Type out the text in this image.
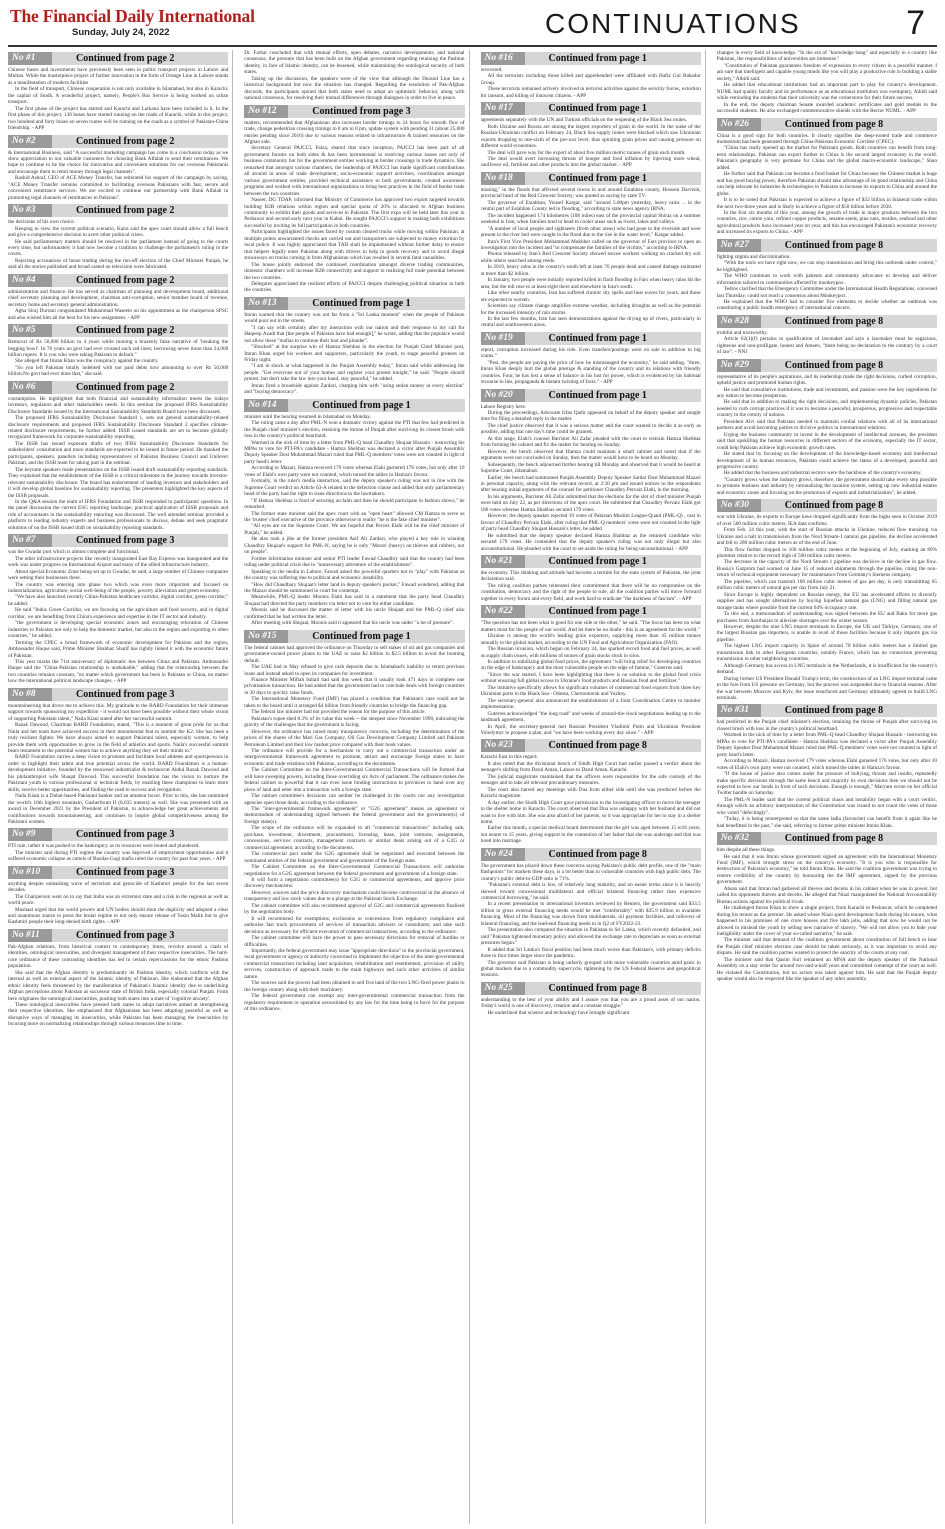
The Financial Daily International
Sunday, July 24, 2022	CONTINUATIONS	7
No #1	Continued from page 2

Chinese buses and investments have previously been seen in public transport projects in Lahore and Multan. While the masterpiece project of further innovation in the form of Orange Line in Lahore stands as a manifestation of modern facilities

In the field of transport, Chinese cooperation is not only available in Islamabad, but also in Karachi, the capital of Sindh. A wonderful project, namely, People's Bus Service is being worked on urban transport.

The first phase of the project has started and Karachi and Larkana have been included in it. In the first phase of this project, 130 buses have started running on the roads of Karachi, while in this project, two hundred and forty buses on seven routes will be running on the roads as a symbol of Pakistan-China friendship. - APP

No #2	Continued from page 2

& International Business, said "A successful marketing campaign has come to a conclusion today as we show appreciation to our valuable customers for choosing Bank Alfalah to send their remittances. We hope to continue to be the choice for innovative and convenient solutions for our overseas Pakistanis and encourage them to remit money through legal channels".

Rashid Ashraf, CEO of ACE Money Transfer, has reiterated his support of the campaign by saying, "ACE Money Transfer remains committed to facilitating overseas Pakistanis with fast, secure and convenient remittance services. We are excited to continue our partnership with Bank Alfalah in promoting legal channels of remittances to Pakistan".

No #3	Continued from page 2

the decisions of his own choice.

Keeping in view the current political scenario, Kaira said the apex court should allow a full bench and give a comprehensive decision to avert other political crises.

He said parliamentary matters should be resolved in the parliament instead of going to the courts every time, but unfortunately it had now become a tradition to challenge the parliament's ruling in the courts.

Rejecting accusations of horse trading during the run-off election of the Chief Minister Punjab, he said all the stories published and broad casted on television were fabricated.

No #4	Continued from page 2

administration and finance. He has served as chairman of planning and development board, additional chief secretary planning and development, chairman anti-corruption, senior member board of revenue, secretary home and secretary general administration.

Agha Siraj Durrani congratulated Muhammad Waseem on his appointment as the chairperson SPSC and also wished him all the best for his new assignment. - APP

No #5	Continued from page 2

Removal of Rs 50,000 billion in 4 years while running a brazenly false narrative of 'breaking the begging bowl'. In 70 years no govt had ever crossed such red lines; borrowing never more than 24,000 billion rupees. It is you who were taking Pakistan to default."

She alleged that Imran Khan was the conspiracy against the country.

"So you left Pakistan totally indebted with not paid debts now amounting to over Rs 50,000 billion.No govt had ever done that," she said.

No #6	Continued from page 2

consumption. He highlighted that both financial and sustainability information meets the todays investors, regulators and other stakeholders needs. In this seminar the proposed IFRS Sustainability Disclosure Standards issued by the International Sustainability Standards Board have been discussed.

The proposed IFRS Sustainability Disclosure Standard 1, sets out general sustainability-related disclosure requirements and proposed IFRS Sustainability Disclosure Standard 2 specifies climate-related disclosure requirements, he further added. ISSB issued standards are set to become globally recognized framework for corporate sustainability reporting.

The ISSB has issued exposure drafts of two IFRS Sustainability Disclosure Standards for stakeholders' consultation and more standards are expected to be issued in future period. He thanked the participants, speakers, panelists including representatives of Pakistan Business Council and Unilever Pakistan, and the ISSB team for taking part in the seminar.

The keynote speakers made presentations on the ISSB issued draft sustainability reporting standards. They explained that the establishment of the ISSB is a critical milestone in the journey towards investor-relevant sustainability disclosure. The board has endorsement of leading investors and stakeholders and it will develop global baseline for sustainability reporting. The presenters highlighted the key aspects of the ISSB proposals.

In the Q&A session the team of IFRS Foundation and ISSB responded to participants' questions. In the panel discussion the current ESG reporting landscape, practical application of ISSB proposals and role of accountants in the sustainability reporting was discussed. The well attended seminar provided a platform to leading industry experts and business professionals to discuss, debate and seek pragmatic solutions of on the ISSB issued draft on sustainability reporting standards.

No #7	Continued from page 3

was the Gwadar port which is almost complete and functional.

The other infrastructure projects like recently inaugurated East Bay Express was inaugurated and the work was under progress on International Airport and many of the allied infrastructure industry.

About special Economic Zone being set up in Gwadar, he said, a large number of Chinese companies were setting their businesses there.

The country was entering into phase two which was even more important and focused on industrialization, agriculture, social well-being of the people, poverty alleviation and green economy.

"We have also launched recently China-Pakistan healthcare corridor, digital corridor, green corridor," he added.

He said "Indus Green Corridor, we are focusing on the agriculture and food security, and in digital corridor, we are benefiting from China's experience and expertise in the IT sector and industry.

"the government is developing special economic zones and encouraging relocation of Chinese industries to Pakistan not only to help the domestic market, but also to the region and exporting to other countries," he added.

Terming the CPEC a broad framework of economic development for Pakistan and the region, Ambassador Haque said, Prime Minister Shahbaz Sharif has rightly linked it with the economic future of Pakistan.

This year marks the 71st anniversary of diplomatic ties between China and Pakistan. Ambassador Haque said the "China-Pakistan relationship is unshakable," adding that the relationship between the two countries remains constant, "no matter which government has been in Pakistan or China, no matter how the international political landscape changes. - APP

No #8	Continued from page 3

mountaineering that drove me to achieve this. My gratitude to the BARD Foundation for their immense support towards sponsoring my expedition - it would not have been possible without their whole vision of supporting Pakistani talent," Naila Kiani stated after her successful summit.

Razak Dawood, Chairman BARD Foundation, stated, "This is a moment of great pride for us that Naila and her team have achieved success in their monumental feat to summit the K2. She has been a truly resilient fighter. We have always aimed to support Pakistani talent, especially women, to help provide them with opportunities to grow in the field of athletics and sports. Naila's successful summit bears testament to the potential women has to achieve anything they set their minds to."

BARD Foundation carries a deep vision to promote and facilitate local athletes and sportspersons in order to highlight their talent and true potential across the world. BARD Foundation is a human-development initiative, founded by the renowned industrialist & technocrat Abdul Razak Dawood and his philanthropist wife Shaqat Dawood. This successful foundation has the vision to nurture the Pakistani youth in various professional or technical fields, by enabling these champions to learn more skills, receive better opportunities, and finding the road to success and recognition.

Naila Kiani is a Dubai-based Pakistani banker and an amateur boxer. Prior to this, she has summited the world's 10th highest mountain, Gasherbrum II (8,035 meters) as well. She was presented with an award in December 2021 by the President of Pakistan, to acknowledge her great achievements and contributions towards mountaineering, and continues to inspire global competitiveness among the Pakistani women.

No #9	Continued from page 3

PTI rule, rather it was pushed to the bankruptcy as its resources were looted and plundered.

The minister said during PTI regime the country was deprived of employment opportunities and it suffered economic collapse as cartels of Buzdar-Gogi mafia ruled the country for past four years. - APP

No #10	Continued from page 3

anything despite unleashing wave of terrorism and genocide of Kashmiri people for the last seven decades.

The Chairperson went on to say that India was an extremist state and a risk to the regional as well as world peace.

Mushaal urged that the world powers and UN bodies should shun the duplicity and adopted a clear and unanimous stance to press the brutal regime to not only ensure release of Yasin Malik but to give Kashmiri people their long-denied birth rights. - APP

No #11	Continued from page 3

Pak-Afghan relations, from historical context to contemporary times, revolve around a clash of identities, ontological insecurities, and divergent management of their respective insecurities. The hard-core ordinance of these contrasting identities has led to certain repercussions for the ethnic Pashtun population.

She said that the Afghan identity is predominantly its Pashtun identity, which conflicts with the internal as well as external aspect of the Islamic identity of Pakistan. She elaborated that the Afghan ethnic identity feels threatened by the manifestation of Pakistan's Islamic identity due to underlining Afghan perceptions about Pakistan as successor state of British India, especially colonial Punjab. From here originates the ontological insecurities, pushing both states into a state of 'cognitive anxiety'.

These ontological insecurities have pressed both states to adopt narratives aimed at strengthening their respective identities. She emphasized that Afghanistan has been adopting peaceful as well as disruptive ways of managing its insecurities, while Pakistan has been managing the insecurities by focusing more on normalizing relationships through various measures time to time.

Dr. Farhat concluded that with mutual efforts, open debates, narrative developments, and national consensus, the pressure that has been built on the Afghan government regarding retaining the Pashtun identity, in face of Islamic identity, can be lessened, while maintaining the ontological security of both states.

Taking up the discussion, the speakers were of the view that although the Durand Line has a historical background but now the situation has changed. Regarding the resolution of Pak-Afghan discords, the participants opined that both states need to adopt an optimistic behavior, along with national consensus, for resolving their mutual differences through dialogues in order to live in peace.

No #12	Continued from page 3

matters, recommended that Afghanistan also increases border timings to 24 hours for smooth flow of trade, change pedestrian crossing timings to 8 am to 8 pm, update system with pending 31 (about 25,000 entries pending since 2016) due to various reasons related to infrastructure & trained resources on the Afghan side.

Secretary General PAJCCI, Faiza, shared that since inception, PAJCCI has been part of all government forums on both sides & has been instrumental in resolving various issues not only of business community but for the government entities working at border crossings in trade dynamics. She remarked that amongst various chambers, the leadership of PAJCCI has made significant contributions all around in areas of trade development, socio-economic support activities, coordination amongst various government entities, provided technical assistance to both governments, created awareness programs and worked with international organizations to bring best practices in the field of border trade between the two countries.

Naseer, DG TDAP, informed that Ministry of Commerce has approved two export targeted towards building B2B relations within region and special quota of 20% is allocated to Afghan business community to exhibit their goods and services in Pakistan. The first expo will be held later this year in Peshawar and second early next year in Kabul. He sought PAJCCI's support in making both exhibitions successful by inviting its full participation in both countries.

Participants highlighted the issues faced by custom cleared trucks while moving within Pakistan, at multiple points unwarranted checks are carried out and transporters are subjected to money extortion by local police. It was highly appreciated that TAD shall be implemented without further delay to ensure that helpers legally enter Pakistan along with drivers to help in goods recovery and to avoid illegal stowaways on trucks coming in from Afghanistan which has resulted in several fatal casualities.

The house jointly endorsed the continued coordination amongst diverse trading communities, domestic chambers will increase B2B connectivity and support in realizing full trade potential between the two countries.

Delegates appreciated the resilient efforts of PAJCCI despite challenging political situation in both the countries.

No #13	Continued from page 1

Imran warned that the country was not far from a "Sri Lanka moment" when the people of Pakistan would pour out in the streets.

"I can say with certainty after my interaction with our nation and their response to my call for Haqeeqi Azadi that [the people of Pakistan have had enough]," he wrote, adding that the populace would not allow these "mafias to continue their loot and plunder".

"Shocked" at the surprise win of Hamza Shehbaz in the election for Punjab Chief Minister post, Imran Khan urged his workers and supporters, particularly the youth, to stage peaceful protests on Friday night.

"I am in shock at what happened in the Punjab Assembly today," Imran said while addressing the people. "Get everyone out of your homes and register your protest tonight," he said. "People should protest, but don't take the law into your hand, stay peaceful," he added.

Imran fired a broadside against Zardari, charging him with "using stolen money in every election" and "buying democracy".

No #14	Continued from page 1

minister until the hearing resumed in Islamabad on Monday.

The ruling came a day after PML-N won a dramatic victory against the PTI that few had predicted in the Punjab chief minister's election, retaining the throne of Punjab after surviving its closest brush with loss in the country's political heartland.

Warmed in the nick of time by a letter from PML-Q head Chaudhry Shujaat Hussain - instructing his MPAs to vote for PTI-PA's candidate - Hamza Shehbaz was declared a victor after Punjab Assembly Deputy Speaker Dost Muhammad Mazari ruled that PML-Q members' votes were not counted in light of party head's letter.

According to Mazari, Hamza received 179 votes whereas Elahi garnered 176 votes, but only after 10 votes of Elahi's own party were not counted, which turned the tables in Hamza's favour.

Formally, in the ruler's media interaction, said the deputy speaker's ruling was not in line with the Supreme Court verdict on Article 63-A related to the defection clause and added that only parliamentary head of the party had the right to issue directions to the lawmakers.

"If Hamza Shehbaz is fond of securing acclaim and then he should participate in fashion shows," he remarked.

The former state minister said the apex court with an "open heart" allowed CM Hamza to serve as the 'trustee' chief executive of the province otherwise in reality "he is the fake chief minister".

"All eyes are on the Supreme Court. We are hopeful that Pervez Elahi will be the chief minister of Punjab," he added.

He also took a jibe at the former president Asif Ali Zardari, who played a key role in winning Chaudhry Shujaat's support for PML-N, saying he is only "Murari (heavy) on thieves and robbers, not on people".

Former information minister and senior PTI leader Fawad Chaudhry said that the country had been ruling under political crisis due to "unnecessary adventure of the establishment".

Speaking to the media in Lahore, Fawad asked the powerful quarters not to "play" with Pakistan as the country was suffering due to political and economic instability.

"How did Chaudhary Shujaat's letter land in deputy speaker's pocket," Fawad wondered, adding that the Mazari should be summoned in court for contempt.

Meanwhile, PML-Q leader Moonis Elahi has said in a statement that the party head Chaudhry Shujaat had directed the party members via letter not to vote for either candidate.

Moonis said he discussed the matter of letter with his uncle Shujaat and the PML-Q chief also confirmed that he had written the letter.

After meeting with Shujaat, Moonis said it appeared that his uncle was under "a lot of pressure".

No #15	Continued from page 1

The federal cabinet had approved the ordinance on Thursday to sell stakes of oil and gas companies and government-owned power plants to the UAE to raise $2 billion to $2.5 billion to avoid the looming default.

The UAE had in May refused to give cash deposits due to Islamabad's inability to return previous loans and instead asked to open its companies for investment.

Finance Minister Miftah Ismail had said this week that it usually took 471 days to complete one privatisation transaction. He had added that the government had to conclude deals with foreign countries in 30 days to quickly raise funds.

The International Monetary Fund (IMF) has placed a condition that Pakistan's case could not be taken to the board until it arranged $4 billion from friendly countries to bridge the financing gap.

The federal law minister had not provided the reason for the purpose of this article.

Pakistan's rupee shed 8.3% of its value this week -- the steepest since November 1998, indicating the gravity of the challenges that the government is facing.

However, the ordinance has raised many transparency concerns, including the determination of the prices of the shares of the Mari Gas Company, Oil Gas Development Company Limited and Pakistan Petroleum Limited and their low market price compared with their book values.

The ordinance will provide for a mechanism to carry out a commercial transaction under an intergovernmental framework agreement to promote, attract and encourage foreign states to have economic and trade relations with Pakistan, according to the documents.

The Cabinet Committee on the Inter-Governmental Commercial Transactions will be formed that will have sweeping powers, including those overriding six Acts of parliament. The ordinance makes the federal cabinet so powerful that it can even issue binding instructions to provinces to hand over any piece of land and enter into a transaction with a foreign state.

The cabinet committee's decisions can neither be challenged in the courts nor any investigation agencies open those deals, according to the ordinance.

The "inter-governmental framework agreement" or "G2G agreement" means an agreement or memorandum of understanding signed between the federal government and the government(s) of foreign state(s).

The scope of the ordinance will be expanded to all "commercial transactions" including sale, purchase, investment, divestment, procurement, licensing, lease, joint ventures, assignments, concessions, services contracts, management contracts or similar deals arising out of a G2G or commercial agreement, according to the documents.

The commercial pact under the G2G agreement shall be negotiated and executed between the nominated entities of the federal government and government of the foreign state.

The Cabinet Committee on the Inter-Governmental Commercial Transactions will authorise negotiations for a G2G agreement between the federal government and government of a foreign state.

It will form a negotiation committee(s) for G2G or commercial agreements, and approve price discovery mechanisms.

However, sources said the price discovery mechanism could become controversial in the absence of transparency and low stock values due to a plunge at the Pakistan Stock Exchange.

The cabinet committee will also recommend approval of G2G and commercial agreements finalised by the negotiation body.

It will recommend for exemptions, exclusions or concessions from regulatory compliance and authorise fast track procurement of services of transaction advisers or consultants; and take such decisions as necessary for efficient execution of commercial transactions, according to the ordinance.

The cabinet committee will have the power to pass necessary directions for removal of hurdles or difficulties.

Importantly, the federal government may issue "appropriate directions" to the provincial government, local government or agency or authority concerned to implement the objective of the inter-governmental commercial transaction including land acquisition, rehabilitation and resettlement, provision of utility services, construction of approach roads to the main highways and such other activities of similar nature.

The sources said the powers had been obtained to sell five land of the two LNG-fired power plants to the foreign country along with their machinery.

The federal government can exempt any inter-governmental commercial transaction from the regulatory requirement or operation necessitated by any law for the time being in force for the purpose of this ordinance.

No #16	Continued from page 1

recovered.

All the terrorists including those killed and apprehended were affiliated with Hafiz Gul Bahadur Group.

These terrorists remained actively involved in terrorist activities against the security forces, extortion for ransom, and killing of innocent citizens. - APP

No #17	Continued from page 1

agreements separately with the UN and Turkish officials on the reopening of the Black Sea routes.

Both Ukraine and Russia are among the largest exporters of grain in the world. In the wake of the Russian-Ukrainian conflict on February 24, Black Sea supply routes were blocked which saw Ukrainian exports dropping to one-sixth of the pre-war level, thus spiraling grain prices and causing pressure on different world economies.

The deal will pave way for the export of about five million metric tonnes of grain each month.

The deal would avert increasing threats of hunger and food inflation by injecting more wheat, sunflower oil, fertiliser and other products into the global market. - APP

No #18	Continued from page 1

missing," in the floods that affected several towns in and around Estahban county, Hossein Darvishi, provincial head of the Red Crescent Society, was quoted as saying by state TV.

The governor of Estahban, Yousef Kargar, said "around 5.00pm yesterday, heavy rains ... in the central part of Estahban County led to flooding," according to state news agency IRNA.

The incident happened 174 kilometres (108 miles) east of the provincial capital Shiraz on a summer weekend in Iran, when families tend to head to cooler areas such as rivers, lakes and valleys.

"A number of local people and sightseers (from other areas) who had gone to the riverside and were present in the river bed were caught in the flood due to the rise in the water level," Kargar added.

Iran's First Vice President Mohammad Mokhber called on the governor of Fars province to open an investigation into the incident and "to compensate the families of the victims," according to IRNA.

Photos released by Iran's Red Crescent Society showed rescue workers walking on cracked dry soil while others searched among reeds.

In 2019, heavy rains in the country's south left at least 76 people dead and caused damage estimated at more than $2 billion.

In January, two people were initially reported killed in flash flooding in Fars when heavy rains hit the area, but the toll rose to at least eight there and elsewhere in Iran's south.

Like other nearby countries, Iran has suffered chronic dry spells and heat waves for years, and those are expected to worsen.

Scientists say climate change amplifies extreme weather, including droughts as well as the potential for the increased intensity of rain storms.

In the last few months, Iran has seen demonstrations against the drying up of rivers, particularly in central and southwestern areas.

No #19	Continued from page 1

report, corruption increased during his rule. Even transfers/postings were on sale in addition to big scams."

"Pest, the people are paying the price of how he mismanaged the economy," he said adding, "three, Imran Khan deeply hurt the global prestige & standing of the country and its relations with friendly countries. Four, he has lost a sense of balance in his lust for power, which is evidenced by his habitual recourse to lies, propaganda & blatant twisting of facts." - APP

No #20	Continued from page 1

Lahore Registry here.

During the proceedings, Advocate Irfan Qadir appeared on behalf of the deputy speaker and sought time for filing a detailed reply in the matter.

The chief justice observed that it was a serious matter and the court wanted to decide it as early as possible, adding that one day's time could be granted.

At this stage, Elahi's counsel Barrister Ali Zafar pleaded with the court to restrain Hamza Shehbaz from forming the cabinet and fix the matter for hearing on Sunday.

However, the bench observed that Hamza could maintain a small cabinet and noted that if the arguments were not concluded on Sunday, then the matter would have to be heard on Monday.

Subsequently, the bench adjourned further hearing till Monday and observed that it would be heard at Supreme Court, Islamabad.

Earlier, the bench had summoned Punjab Assembly Deputy Speaker Sardar Dost Muhammad Mazari in personal capacity, along with the relevant record, at 2:30 pm and issued notices to the respondents after hearing initial arguments of the counsel for petitioner Chaudhry Pervaiz Elahi, in the morning.

In his arguments, Barrister Ali Zafar submitted that the elections for the slot of chief minister Punjab were held on July 22, as per directions of the apex court. He submitted that Chaudhry Pervaiz Elahi got 186 votes whereas Hamza Shahbaz secured 179 votes.

However, the deputy speaker rejected 10 votes of Pakistan Muslim League-Quaid (PML-Q) , cast in favour of Chaudhry Pervaiz Elahi, after ruling that PML-Q members' votes were not counted in the light of party head Chaudhry Shujaat Hussain's letter, he added.

He submitted that the deputy speaker declared Hamza Shahbaz as the returned candidate who secured 179 votes. He contended that the deputy speaker's ruling was not only illegal but also unconstitutional. He pleaded with the court to set aside the ruling for being unconstitutional. - APP

No #21	Continued from page 1

the economy. This thinking and attitude had become a termite for the state system of Pakistan, the joint declaration said.

The ruling coalition parties reiterated their commitment that there will be no compromise on the constitution, democracy and the right of the people to rule, all the coalition parties will move forward together in every forum and every field, and work hard to eradicate "the darkness of fascism". - APP

No #22	Continued from page 1

"The question has not been what is good for one side or the other," he said. "The focus has been on what matters most for the people of our world. And let there be no doubt - this is an agreement for the world."

Ukraine is among the world's leading grain exporters, supplying more than 45 million tonnes annually to the global market, according to the UN Food and Agriculture Organization (FAO).

The Russian invasion, which began on February 24, has sparked record food and fuel prices, as well as supply chain issues, with millions of tonnes of grain stocks stuck in silos.

In addition to stabilizing global food prices, the agreement "will bring relief for developing countries on the edge of bankruptcy and the most vulnerable people on the edge of famine," Guterres said.

"Since the war started, I have been highlighting that there is no solution to the global food crisis without ensuring full global access to Ukraine's food products and Russian food and fertilizer."

The initiative specifically allows for significant volumes of commercial food exports from three key Ukrainian ports in the Black Sea - Odessa, Chernomorsk and Yuzhny.

The secretary-general also announced the establishment of a Joint Coordination Centre to monitor implementation.

Guterres acknowledged "the long road" and weeks of around-the-clock negotiations leading up to the landmark agreement.

In April, the secretary-general met Russian President Vladimir Putin and Ukrainian President Volodymyr to propose a plan, and "we have been working every day since." - APP

No #23	Continued from page 8

Karachi East in this regard.

It also noted that the divisional bench of Sindh High Court had earlier passed a verdict about the teenager's shifting from Darul Aman, Lahore to Darul Aman, Karachi.

The judicial magistrate maintained that the officers were responsible for the safe custody of the teenager and to take all relevant precautionary measures.

The court also barred any meetings with Dua from either side until she was produced before the Karachi magistrate.

A day earlier, the Sindh High Court gave permission to the investigating officer to move the teenager to the shelter home in Karachi. The court observed that Dua was unhappy with her husband and did not want to live with him. She was also afraid of her parents, so it was appropriate for her to stay in a shelter home.

Earlier this month, a special medical board determined that the girl was aged between 15 to16 years, but nearer to 15 years, giving support to the contention of her father that she was underage and that was lured into marriage.

No #24	Continued from page 8

The government has played down these concerns saying Pakistan's public debt profile, one of the "main flashpoints" for markets these days, is a lot better than in vulnerable countries with high public debt. The country's public debt-to-GDP ratio is 71%.

"Pakistan's external debt is low, of relatively long maturity, and on easier terms since it is heavily skewed toward concessional multilateral and official bilateral financing rather than expensive commercial borrowing," he said.

In a recent presentation to international investors reviewed by Reuters, the government said $33.5 billion in gross external financing needs would be met "comfortably" with $35.9 billion in available financing. Most of the financing was shown from multilaterals, oil payment facilities, and rollovers of bilateral financing, and the lead-end financing needs to in Q2 of FY2022-23.

The presentation also compared the situation in Pakistan to Sri Lanka, which recently defaulted, and said "Pakistan tightened monetary policy and allowed the exchange rate to depreciate as soon as external pressures began."

It added that Sri Lanka's fiscal position had been much worse than Pakistan's, with primary deficits three to four times larger since the pandemic.

The governor said Pakistan is being unfairly grouped with more vulnerable countries amid panic in global markets due to a commodity supercycle, tightening by the US Federal Reserve and geopolitical tensions.

No #25	Continued from page 8

understanding to the best of your ability and I assure you that you are a proud asset of our nation. Today's world is one of discovery, creation and a constant struggle."

He underlined that science and technology have brought significant

changes in every field of knowledge. "In the era of "knowledge bang" and especially in a country like Pakistan, the responsibilities of universities are immense."

"Constitution of Pakistan guarantees freedom of expression to every citizen in a peaceful manner. I am sure that intelligent and capable young minds like you will play a productive role in building a stable society," Albidi said.

He added that educational institutions had an important part to play for country's development. NUML had quality faculty and its performance as an educational institution was exemplary, Albidi said while reminding the students that their university was the cornerstone for their future success.

In the end, the deputy chairman Senate awarded academic certificates and gold medals to the successful students. He also exchanged commemorative shields with the Rector NUML. - APP

No #26	Continued from page 8

China is a good sign for both countries. It clearly signifies the deep-rooted trade and commerce momentum has been generated through China-Pakistan Economic Corridor (CPEC).

"China has really opened up the market for Pakistani goods. Both countries can benefit from long-term relationships. Pakistan can export further to China is the second largest economy in the world. Pakistan's geography is very germane for China and the global macro-economic landscape," Shan added.

He further said that Pakistan can become a food basket for China because the Chinese market is huge and has good buying power, therefore Pakistan should take advantage of its good relationship and China can help relocate its industries & technologies to Pakistan to increase its exports to China and around the globe.

It is to be noted that Pakistan is expected to achieve a figure of $32 billion in bilateral trade within the next two-three years and is likely to achieve a figure of $50 billion before 2030.

In the first six months of this year, among the growth of trade in major products between the two countries, rice, cotton yarn, refined copper products, sesame seeds, pine nuts, textiles, seafood and other agricultural products have increased year on year, and this has encouraged Pakistan's economic recovery and increased its exports to China. - APP

No #27	Continued from page 8

fighting stigma and discrimination.

"With the tools we have right now, we can stop transmission and bring this outbreak under control," he highlighted.

The WHO continues to work with patients and community advocates to develop and deliver information tailored to communities affected by monkeypox.

Tedros clarified that the Emergency Committee under the International Health Regulations, convened last Thursday, could not reach a consensus about Monkeypox.

He explained that the WHO had to consider five elements to decide whether an outbreak was constituting a public health emergency of international concern.

No #28	Continued from page 8

truthful and trustworthy.

Article 62(1)(f) pertains to qualification of lawmaker and says a lawmaker must be sagacious, righteous and non-profligate, honest and Ameen, "there being no declaration to the contrary by a court of law". - NNI

No #29	Continued from page 8

representative of its people's aspirations, and its leadership made the right decisions, curbed corruption, upheld justice and promoted human rights.

He said that consultative institutions, trade and investment, and passion were the key ingredients for any nation to become prosperous.

He said that in addition to making the right decisions, and implementing dynamic policies, Pakistan needed to curb corrupt practices if it was to become a peaceful, prosperous, progressive and respectable country in the comity of nations.

President Alvi said that Pakistan needed to maintain cordial relations with all of its international partners and avoid becoming parties to divisive politics in international relations.

Urging the business community to invest in the development of intellectual avenues, the president said that upskilling the human resources in different sectors of the economy, especially the IT sector, could help Pakistan achieve high economic growth rates.

He stated that by focusing on the development of the knowledge-based economy and intellectual development of its human resources, Pakistan could achieve the status of a developed, peaceful and progressive country.

He added that the business and industrial sectors were the backbone of the country's economy.

"Country grows when the industry grows, therefore, the government should take every step possible to promote business and industry by rationalizing the taxation system, setting up new industrial estates and economic zones and focusing on the promotion of exports and industrialization", he added.

No #30	Continued from page 8

war with Ukraine, its exports to Europe have dropped significantly from the highs seen in October 2019 of over 500 million cubic meters, IEA data confirms.

From Feb. 24 this year, with the start of Russian attacks in Ukraine, reduced flow transiting via Ukraine and a halt in transmission from the Nord Stream-1 natural gas pipeline, the decline accelerated and fell to 280 million cubic meters as of the end of June.

This flow further dropped to 100 million cubic meters at the beginning of July, marking an 80% plummet relative to the record high of 500 million cubic meters.

The decrease in the capacity of the Nord Stream 1 pipeline was decisive in the decline in gas flow. Russia's Gazprom had warned on June 15 of reduced shipments through the pipeline, citing the non-return of technical equipment necessary for maintenance from Germany's Siemens company.

The pipeline, which can transmit 160 million cubic meters of gas per day, is only transmitting 65 million cubic meters of natural gas per day from July 21.

Since Europe is highly dependent on Russian energy, the EU has accelerated efforts to diversify supplies and has sought alternatives by buying liquefied natural gas (LNG) and filling natural gas storage tanks where possible from the current 64% occupancy rate.

To this end, a memorandum of understanding was signed between the EU and Baku for more gas purchases from Azerbaijan to alleviate shortages over the winter season.

However, despite the nine LNG import terminals in Europe, the UK and Türkiye, Germany, one of the largest Russian gas importers, is unable to avail of those facilities because it only imports gas via pipeline.

The highest LNG import capacity in Spain of around 70 billion cubic meters has a limited gas transmission link to other European countries, notably France, which has no connection preventing transmission to other neighboring countries.

Although Germany has access to LNG terminals in the Netherlands, it is insufficient for the country's demand.

During former US President Donald Trump's term, the construction of an LNG import terminal came to the fore from US pressure on Germany, but the process was suspended due to financial reasons. After the war between Moscow and Kyiv, the issue resurfaced and Germany ultimately agreed to build LNG terminals.

No #31	Continued from page 8

had predicted in the Punjab chief minister's election, retaining the throne of Punjab after surviving its closest brush with loss in the country's political heartland.

Warmed in the nick of time by a letter from PML-Q head Chaudhry Shujaat Hussain - instructing his MPAs to vote for PTI-PA's candidate - Hamza Shehbaz was declared a victor after Punjab Assembly Deputy Speaker Dost Muhammad Mazari ruled that PML-Q members' votes were not counted in light of party head's letter.

According to Mazari, Hamza received 179 votes whereas Elahi garnered 176 votes, but only after 10 votes of Elahi's own party were not counted, which turned the tables in Hamza's favour.

"If the house of justice also comes under the pressure of bullying, threats and insults, repeatedly make specific decisions through the same bench and majority its own decisions then we should not be expected to bow our heads in front of such decisions. Enough is enough," Maryam wrote on her official Twitter handle on Saturday.

The PML-N leader said that the current political chaos and instability began with a court verdict, through which an arbitrary interpretation of the Constitution was issued to not count the votes of those who voted "defectingly".

"Today, it is being reinterpreted so that the same ladla (favourite) can benefit from it again like he had benefitted in the past," she said, referring to former prime minister Imran Khan.

No #32	Continued from page 8

him despite all these things.

He said that it was Imran whose government signed an agreement with the International Monetary Fund (IMF), which brought stress on the country's economy. "It is you who is responsible for destruction of Pakistan's economy," he told Imran Khan. He said the coalition government was trying to restore credibility of the country by honouring the the IMF agreement, signed by the previous government.

Ahsan said that Imran had gathered all thieves and deceits in his cabinet when he was in power, but called his opponents thieves and deceits. He alleged that Niazi manipulated the National Accountability Bureau actions against his political rivals.

He challenged Imran Khan to show a single project, from Karachi to Peshawar, which he completed during his tenure as the premier. He asked where Niazi spent development funds during his tenure, what happened to his promises of one crore houses and five lakh jobs, adding that now he would not be allowed to mislead the youth by selling new narrative of slavery. "We will not allow you to hide your ineligibility under the cover of your so-called narrative," he said.

The minister said that demand of the coalition government about constitution of full bench to hear the Punjab chief minister election case should be taken seriously, as it was important to avoid any dispute. He said the coalition parties wanted to protect the sanctity of the courts at any cost.

The minister said that Qasim Suri remained an MNA and the deputy speaker of the National Assembly on a stay order for around two-and-a-half years and committed contempt of the court as well. He violated the Constitution, but no action was taken against him. He said that the Punjab deputy speaker would also be respected like the speaker of any other assembly.
